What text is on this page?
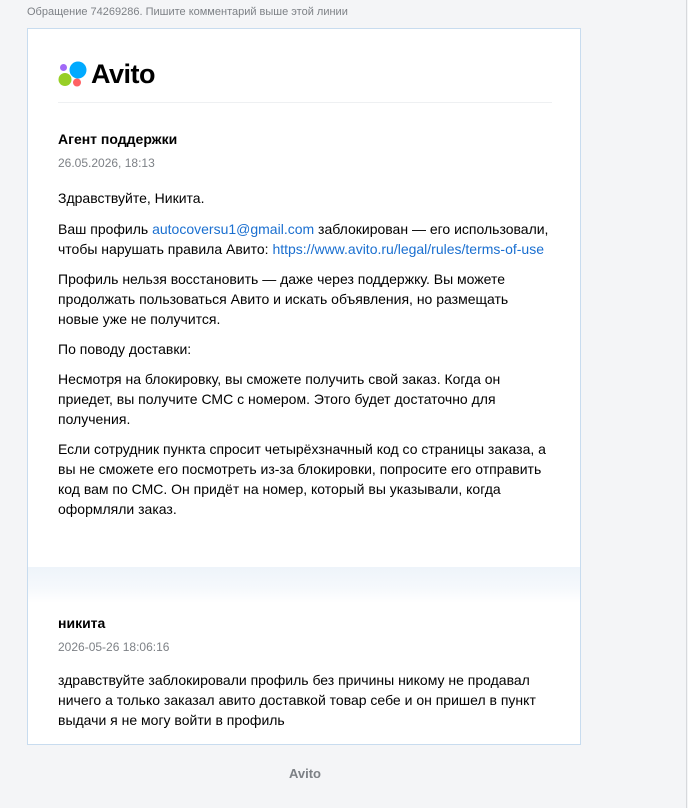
Обращение 74269286. Пишите комментарий выше этой линии
Avito
Агент поддержки
26.05.2026, 18:13

Здравствуйте, Никита.

Ваш профиль autocoversu1@gmail.com заблокирован — его использовали,
чтобы нарушать правила Авито: https://www.avito.ru/legal/rules/terms-of-use

Профиль нельзя восстановить — даже через поддержку. Вы можете
продолжать пользоваться Авито и искать объявления, но размещать
новые уже не получится.

По поводу доставки:

Несмотря на блокировку, вы сможете получить свой заказ. Когда он
приедет, вы получите СМС с номером. Этого будет достаточно для
получения.

Если сотрудник пункта спросит четырёхзначный код со страницы заказа, а
вы не сможете его посмотреть из-за блокировки, попросите его отправить
код вам по СМС. Он придёт на номер, который вы указывали, когда
оформляли заказ.

никита
2026-05-26 18:06:16
здравствуйте заблокировали профиль без причины никому не продавал
ничего а только заказал авито доставкой товар себе и он пришел в пункт
выдачи я не могу войти в профиль
Avito
